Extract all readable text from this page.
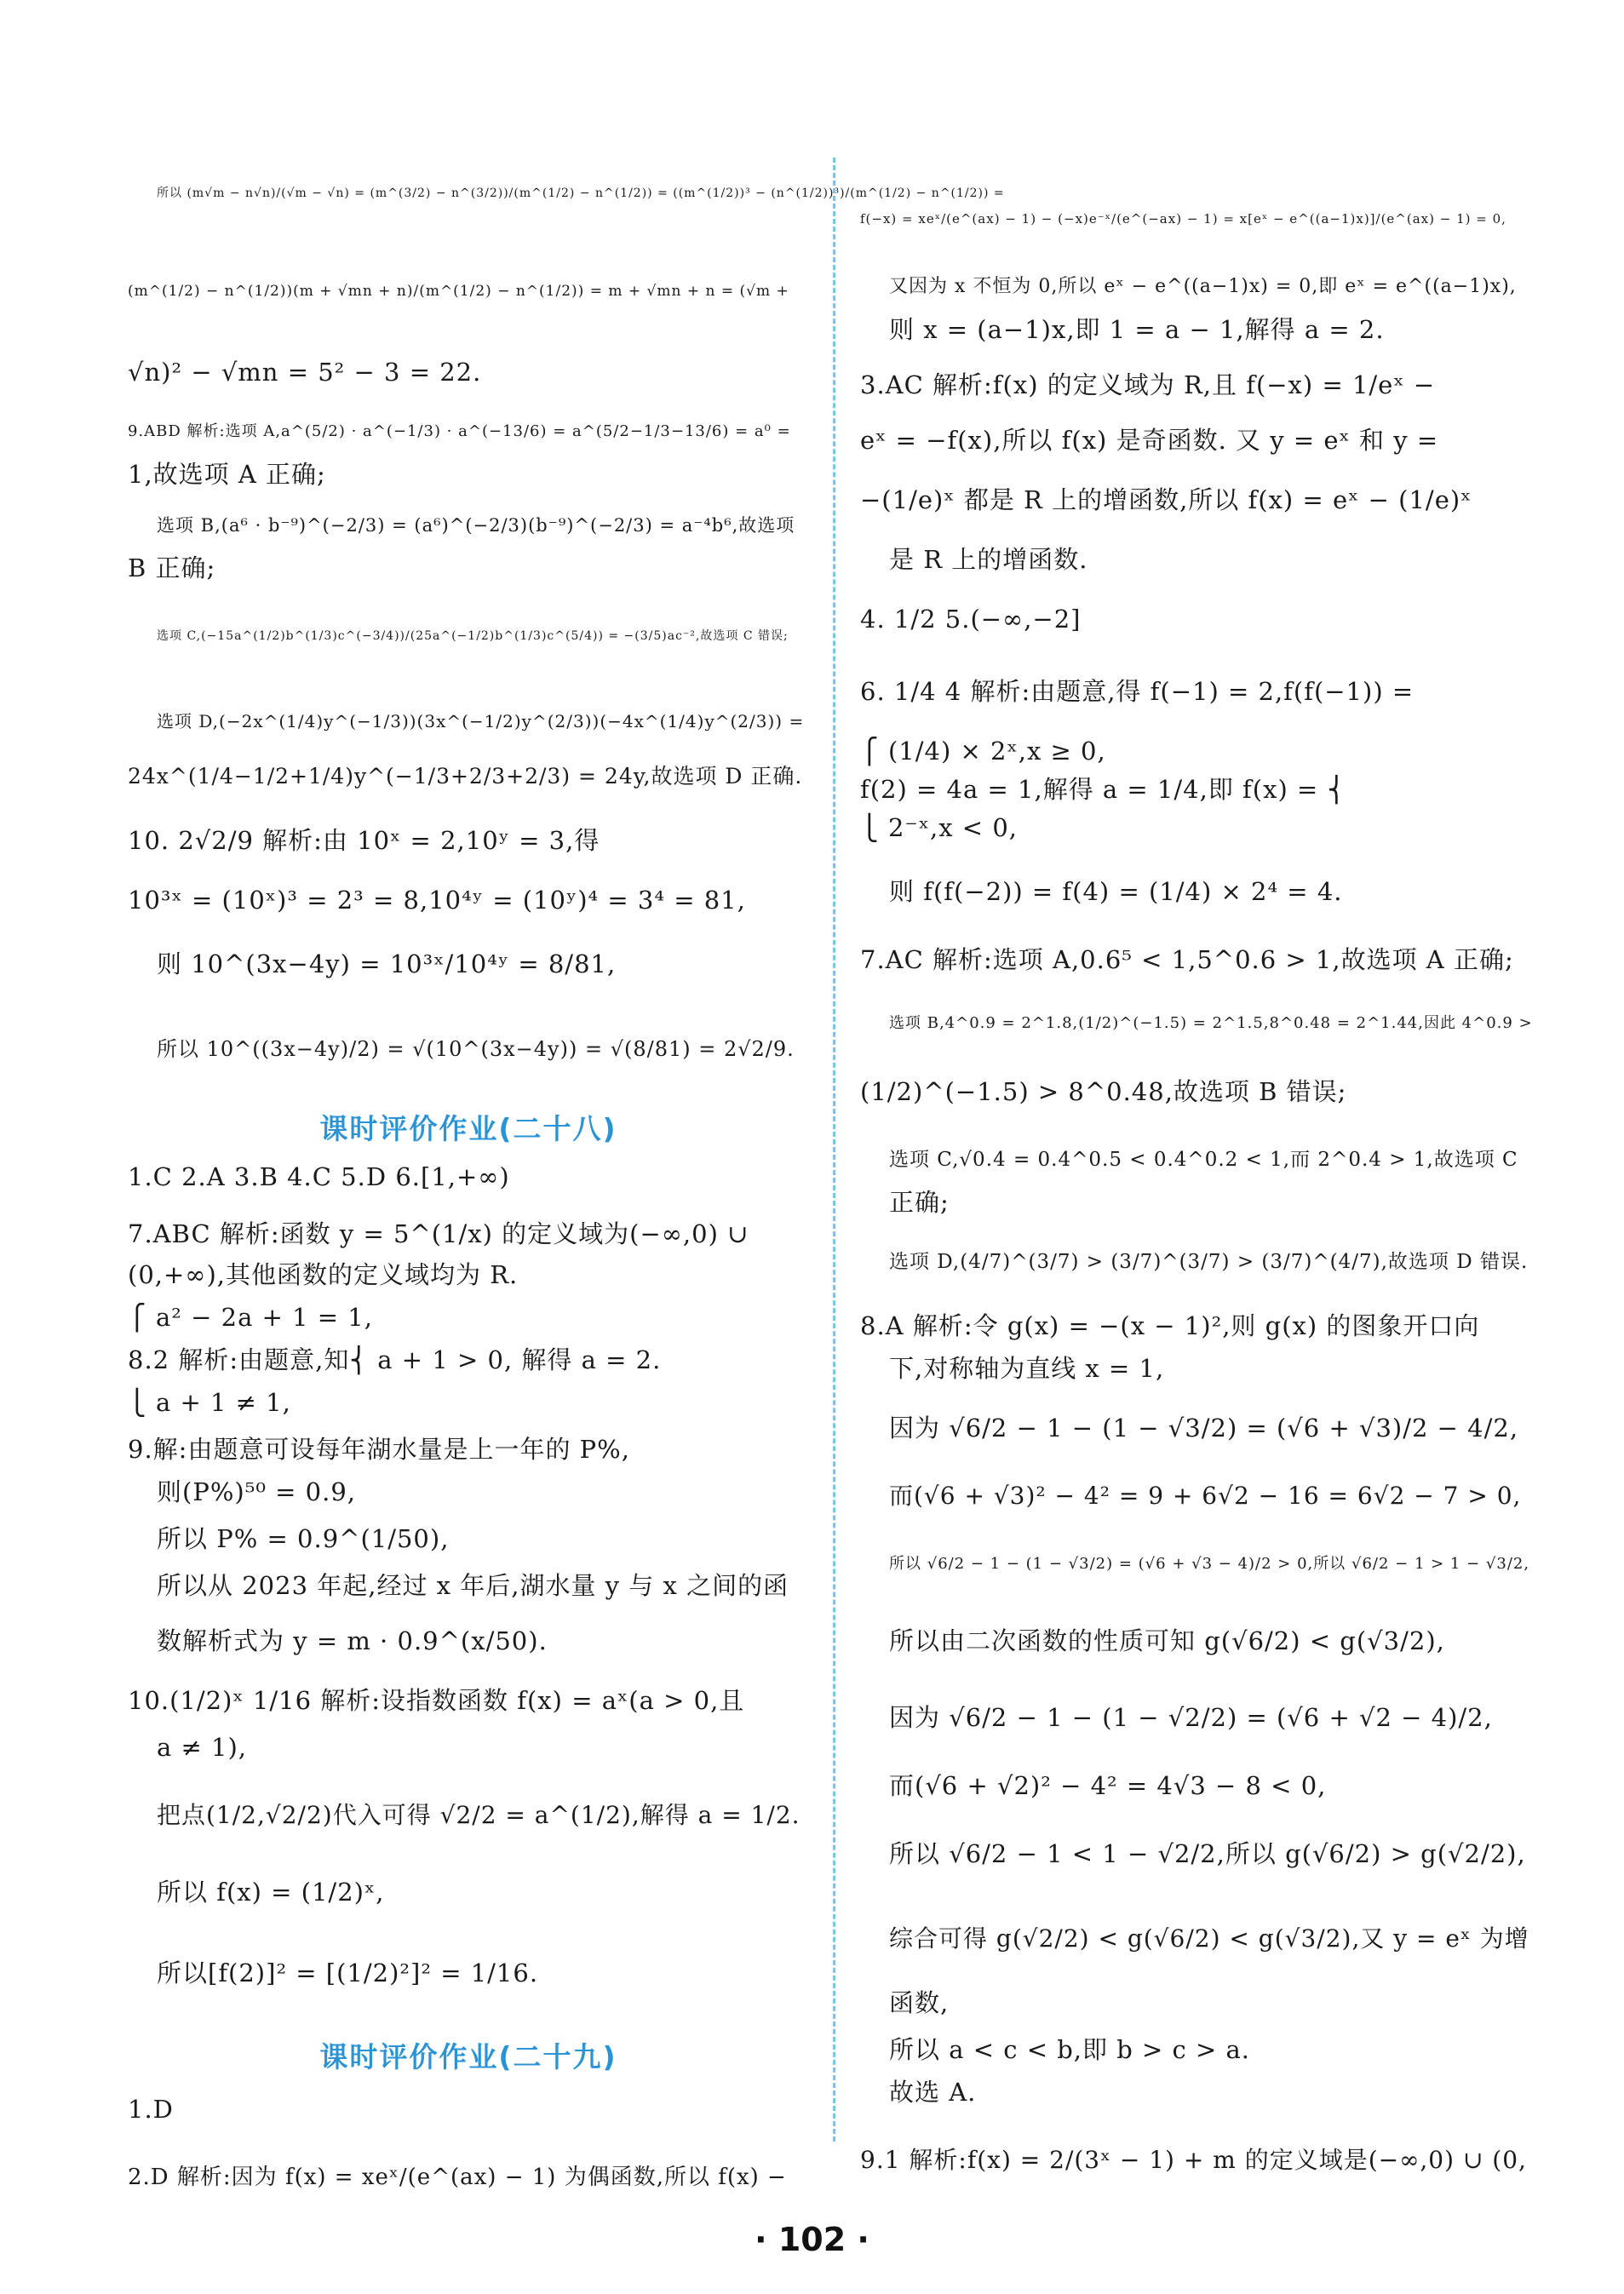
所以 (m√m − n√n)/(√m − √n) = (m^(3/2) − n^(3/2))/(m^(1/2) − n^(1/2)) = ((m^(1/2))³ − (n^(1/2))³)/(m^(1/2) − n^(1/2)) =
(m^(1/2) − n^(1/2))(m + √mn + n)/(m^(1/2) − n^(1/2)) = m + √mn + n = (√m +
√n)² − √mn = 5² − 3 = 22.
9.ABD 解析:选项 A,a^(5/2) · a^(−1/3) · a^(−13/6) = a^(5/2−1/3−13/6) = a⁰ =
1,故选项 A 正确;
选项 B,(a⁶ · b⁻⁹)^(−2/3) = (a⁶)^(−2/3)(b⁻⁹)^(−2/3) = a⁻⁴b⁶,故选项
B 正确;
选项 C,(−15a^(1/2)b^(1/3)c^(−3/4))/(25a^(−1/2)b^(1/3)c^(5/4)) = −(3/5)ac⁻²,故选项 C 错误;
选项 D,(−2x^(1/4)y^(−1/3))(3x^(−1/2)y^(2/3))(−4x^(1/4)y^(2/3)) =
24x^(1/4−1/2+1/4)y^(−1/3+2/3+2/3) = 24y,故选项 D 正确.
10. 2√2/9 解析:由 10ˣ = 2,10ʸ = 3,得
10³ˣ = (10ˣ)³ = 2³ = 8,10⁴ʸ = (10ʸ)⁴ = 3⁴ = 81,
则 10^(3x−4y) = 10³ˣ/10⁴ʸ = 8/81,
所以 10^((3x−4y)/2) = √(10^(3x−4y)) = √(8/81) = 2√2/9.
1.C 2.A 3.B 4.C 5.D 6.[1,+∞)
7.ABC 解析:函数 y = 5^(1/x) 的定义域为(−∞,0) ∪
(0,+∞),其他函数的定义域均为 R.
⎧ a² − 2a + 1 = 1,
8.2 解析:由题意,知⎨ a + 1 > 0, 解得 a = 2.
⎩ a + 1 ≠ 1,
9.解:由题意可设每年湖水量是上一年的 P%,
则(P%)⁵⁰ = 0.9,
所以 P% = 0.9^(1/50),
所以从 2023 年起,经过 x 年后,湖水量 y 与 x 之间的函
数解析式为 y = m · 0.9^(x/50).
10.(1/2)ˣ 1/16 解析:设指数函数 f(x) = aˣ(a > 0,且
a ≠ 1),
把点(1/2,√2/2)代入可得 √2/2 = a^(1/2),解得 a = 1/2.
所以 f(x) = (1/2)ˣ,
所以[f(2)]² = [(1/2)²]² = 1/16.
1.D
2.D 解析:因为 f(x) = xeˣ/(e^(ax) − 1) 为偶函数,所以 f(x) −
课时评价作业(二十八)
课时评价作业(二十九)
f(−x) = xeˣ/(e^(ax) − 1) − (−x)e⁻ˣ/(e^(−ax) − 1) = x[eˣ − e^((a−1)x)]/(e^(ax) − 1) = 0,
又因为 x 不恒为 0,所以 eˣ − e^((a−1)x) = 0,即 eˣ = e^((a−1)x),
则 x = (a−1)x,即 1 = a − 1,解得 a = 2.
3.AC 解析:f(x) 的定义域为 R,且 f(−x) = 1/eˣ −
eˣ = −f(x),所以 f(x) 是奇函数. 又 y = eˣ 和 y =
−(1/e)ˣ 都是 R 上的增函数,所以 f(x) = eˣ − (1/e)ˣ
是 R 上的增函数.
4. 1/2 5.(−∞,−2]
6. 1/4 4 解析:由题意,得 f(−1) = 2,f(f(−1)) =
⎧ (1/4) × 2ˣ,x ≥ 0,
f(2) = 4a = 1,解得 a = 1/4,即 f(x) = ⎨
⎩ 2⁻ˣ,x < 0,
则 f(f(−2)) = f(4) = (1/4) × 2⁴ = 4.
7.AC 解析:选项 A,0.6⁵ < 1,5^0.6 > 1,故选项 A 正确;
选项 B,4^0.9 = 2^1.8,(1/2)^(−1.5) = 2^1.5,8^0.48 = 2^1.44,因此 4^0.9 >
(1/2)^(−1.5) > 8^0.48,故选项 B 错误;
选项 C,√0.4 = 0.4^0.5 < 0.4^0.2 < 1,而 2^0.4 > 1,故选项 C
正确;
选项 D,(4/7)^(3/7) > (3/7)^(3/7) > (3/7)^(4/7),故选项 D 错误.
8.A 解析:令 g(x) = −(x − 1)²,则 g(x) 的图象开口向
下,对称轴为直线 x = 1,
因为 √6/2 − 1 − (1 − √3/2) = (√6 + √3)/2 − 4/2,
而(√6 + √3)² − 4² = 9 + 6√2 − 16 = 6√2 − 7 > 0,
所以 √6/2 − 1 − (1 − √3/2) = (√6 + √3 − 4)/2 > 0,所以 √6/2 − 1 > 1 − √3/2,
所以由二次函数的性质可知 g(√6/2) < g(√3/2),
因为 √6/2 − 1 − (1 − √2/2) = (√6 + √2 − 4)/2,
而(√6 + √2)² − 4² = 4√3 − 8 < 0,
所以 √6/2 − 1 < 1 − √2/2,所以 g(√6/2) > g(√2/2),
综合可得 g(√2/2) < g(√6/2) < g(√3/2),又 y = eˣ 为增
函数,
所以 a < c < b,即 b > c > a.
故选 A.
9.1 解析:f(x) = 2/(3ˣ − 1) + m 的定义域是(−∞,0) ∪ (0,
· 102 ·
